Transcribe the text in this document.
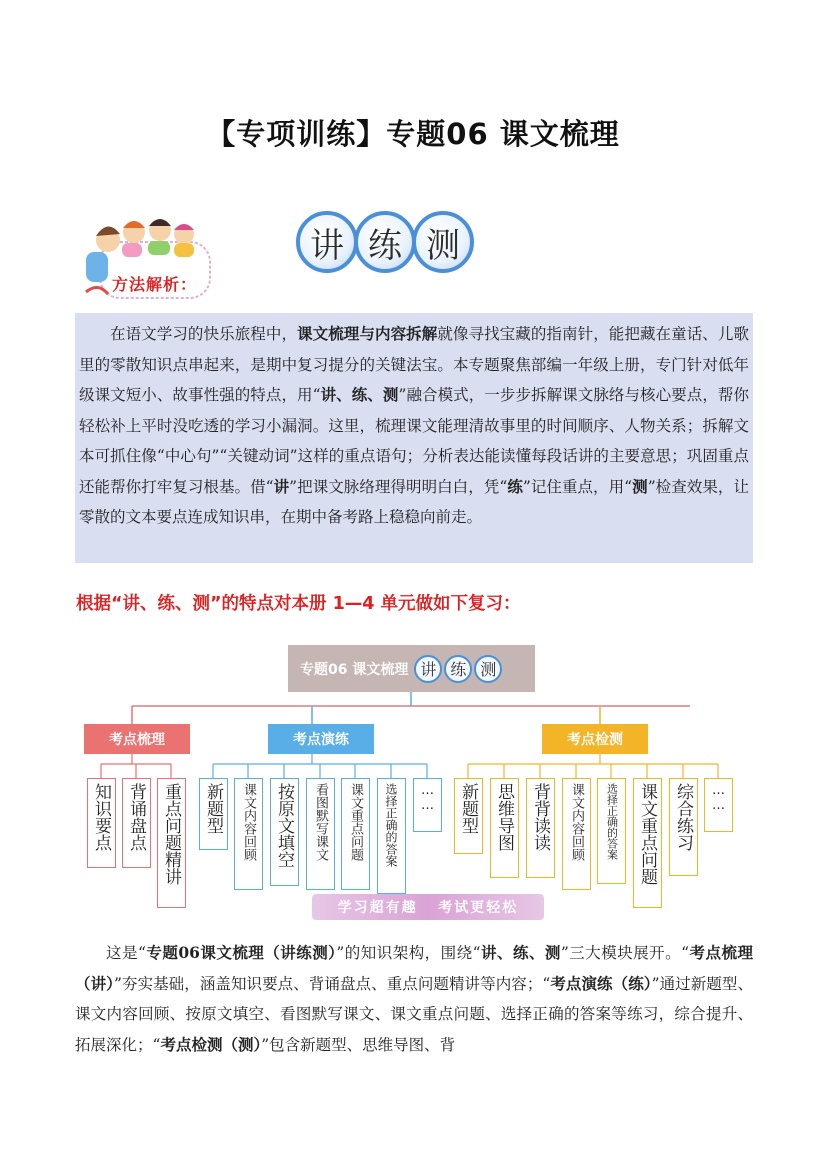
【专项训练】专题06 课文梳理
方法解析：
讲 练 测

在语文学习的快乐旅程中，课文梳理与内容拆解就像寻找宝藏的指南针，能把藏在童话、儿歌里的零散知识点串起来，是期中复习提分的关键法宝。本专题聚焦部编一年级上册，专门针对低年级课文短小、故事性强的特点，用“讲、练、测”融合模式，一步步拆解课文脉络与核心要点，帮你轻松补上平时没吃透的学习小漏洞。这里，梳理课文能理清故事里的时间顺序、人物关系；拆解文本可抓住像“中心句”“关键动词”这样的重点语句；分析表达能读懂每段话讲的主要意思；巩固重点还能帮你打牢复习根基。借“讲”把课文脉络理得明明白白，凭“练”记住重点，用“测”检查效果，让零散的文本要点连成知识串，在期中备考路上稳稳向前走。

根据“讲、练、测”的特点对本册 1—4 单元做如下复习：
专题06 课文梳理 讲 练 测
考点梳理	考点演练	考点检测
知识要点 背诵盘点 重点问题精讲 新题型 课文内容回顾 按原文填空 看图默写课文 课文重点问题 选择正确的答案 …… 新题型 思维导图 背背读读 课文内容回顾 选择正确的答案 课文重点问题 综合练习 ……
学习超有趣   考试更轻松

这是“专题06课文梳理（讲练测）”的知识架构，围绕“讲、练、测”三大模块展开。“考点梳理（讲）”夯实基础，涵盖知识要点、背诵盘点、重点问题精讲等内容；“考点演练（练）”通过新题型、课文内容回顾、按原文填空、看图默写课文、课文重点问题、选择正确的答案等练习，综合提升、拓展深化；“考点检测（测）”包含新题型、思维导图、背
